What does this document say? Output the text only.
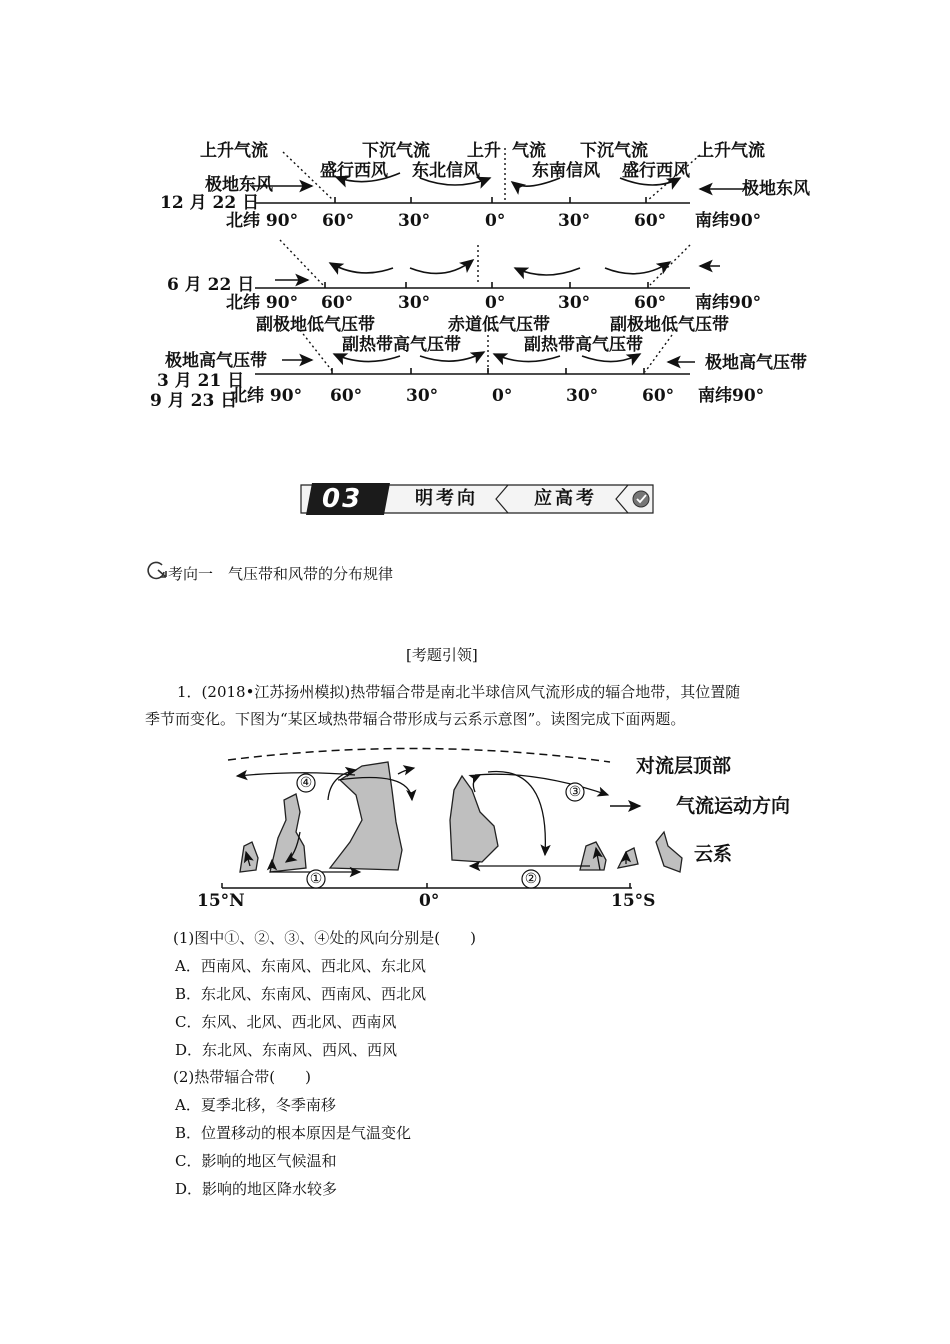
上升气流	下沉气流 上升 气流 下沉气流	上升气流
盛行西风 东北信风	东南信风 盛行西风
极地东风	极地东风
12 月 22 日
北纬 90° 60°	30°	0°	30°	60° 南纬90°
6 月 22 日
北纬 90° 60°	30°	0°	30°	60° 南纬90°
副极地低气压带	赤道低气压带	副极地低气压带
副热带高气压带	副热带高气压带
极地高气压带	极地高气压带
3 月 21 日
9 月 23 日
北纬 90° 60°	30°	0°	30°	60° 南纬90°
03	明考向	应高考
考向一　气压带和风带的分布规律
[考题引领]
1．(2018•江苏扬州模拟)热带辐合带是南北半球信风气流形成的辐合地带，其位置随
季节而变化。下图为“某区域热带辐合带形成与云系示意图”。读图完成下面两题。
①	②
③
④
对流层顶部
气流运动方向
云系
15°N	0°	15°S
(1)图中①、②、③、④处的风向分别是(　　)
A．西南风、东南风、西北风、东北风
B．东北风、东南风、西南风、西北风
C．东风、北风、西北风、西南风
D．东北风、东南风、西风、西风
(2)热带辐合带(　　)
A．夏季北移，冬季南移
B．位置移动的根本原因是气温变化
C．影响的地区气候温和
D．影响的地区降水较多
